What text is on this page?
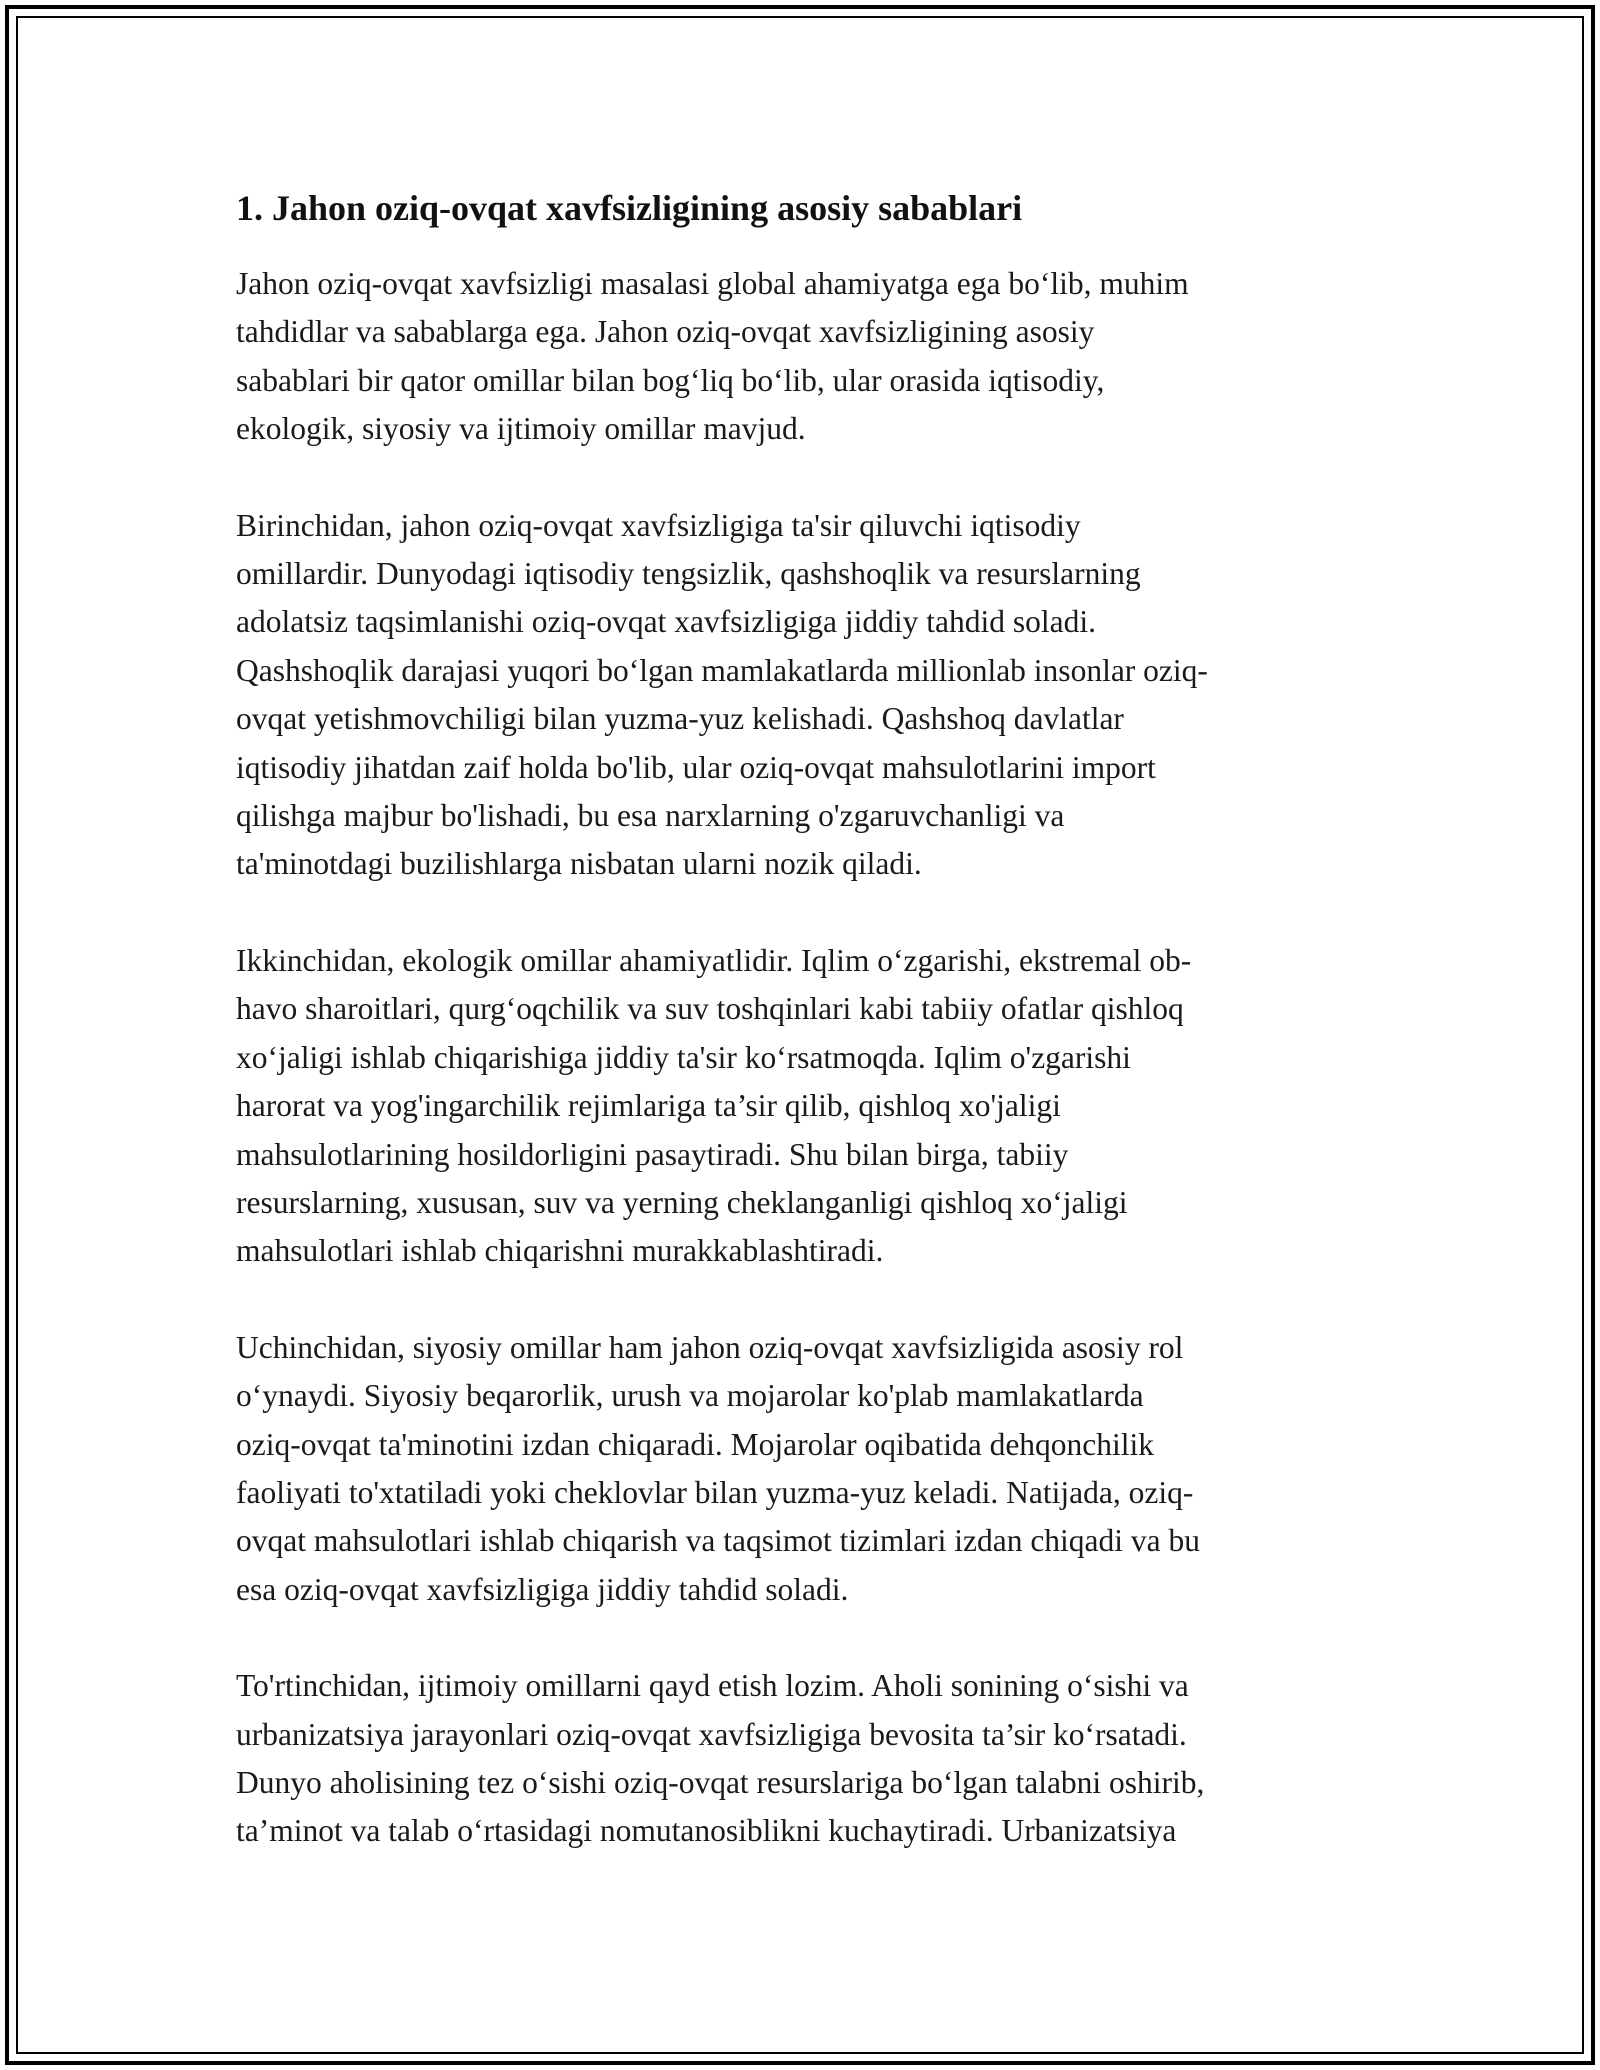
1. Jahon oziq-ovqat xavfsizligining asosiy sabablari

Jahon oziq-ovqat xavfsizligi masalasi global ahamiyatga ega bo‘lib, muhim
tahdidlar va sabablarga ega. Jahon oziq-ovqat xavfsizligining asosiy
sabablari bir qator omillar bilan bog‘liq bo‘lib, ular orasida iqtisodiy,
ekologik, siyosiy va ijtimoiy omillar mavjud.

Birinchidan, jahon oziq-ovqat xavfsizligiga ta'sir qiluvchi iqtisodiy
omillardir. Dunyodagi iqtisodiy tengsizlik, qashshoqlik va resurslarning
adolatsiz taqsimlanishi oziq-ovqat xavfsizligiga jiddiy tahdid soladi.
Qashshoqlik darajasi yuqori bo‘lgan mamlakatlarda millionlab insonlar oziq-
ovqat yetishmovchiligi bilan yuzma-yuz kelishadi. Qashshoq davlatlar
iqtisodiy jihatdan zaif holda bo'lib, ular oziq-ovqat mahsulotlarini import
qilishga majbur bo'lishadi, bu esa narxlarning o'zgaruvchanligi va
ta'minotdagi buzilishlarga nisbatan ularni nozik qiladi.

Ikkinchidan, ekologik omillar ahamiyatlidir. Iqlim o‘zgarishi, ekstremal ob-
havo sharoitlari, qurg‘oqchilik va suv toshqinlari kabi tabiiy ofatlar qishloq
xo‘jaligi ishlab chiqarishiga jiddiy ta'sir ko‘rsatmoqda. Iqlim o'zgarishi
harorat va yog'ingarchilik rejimlariga ta’sir qilib, qishloq xo'jaligi
mahsulotlarining hosildorligini pasaytiradi. Shu bilan birga, tabiiy
resurslarning, xususan, suv va yerning cheklanganligi qishloq xo‘jaligi
mahsulotlari ishlab chiqarishni murakkablashtiradi.

Uchinchidan, siyosiy omillar ham jahon oziq-ovqat xavfsizligida asosiy rol
o‘ynaydi. Siyosiy beqarorlik, urush va mojarolar ko'plab mamlakatlarda
oziq-ovqat ta'minotini izdan chiqaradi. Mojarolar oqibatida dehqonchilik
faoliyati to'xtatiladi yoki cheklovlar bilan yuzma-yuz keladi. Natijada, oziq-
ovqat mahsulotlari ishlab chiqarish va taqsimot tizimlari izdan chiqadi va bu
esa oziq-ovqat xavfsizligiga jiddiy tahdid soladi.

To'rtinchidan, ijtimoiy omillarni qayd etish lozim. Aholi sonining o‘sishi va
urbanizatsiya jarayonlari oziq-ovqat xavfsizligiga bevosita ta’sir ko‘rsatadi.
Dunyo aholisining tez o‘sishi oziq-ovqat resurslariga bo‘lgan talabni oshirib,
ta’minot va talab o‘rtasidagi nomutanosiblikni kuchaytiradi. Urbanizatsiya
